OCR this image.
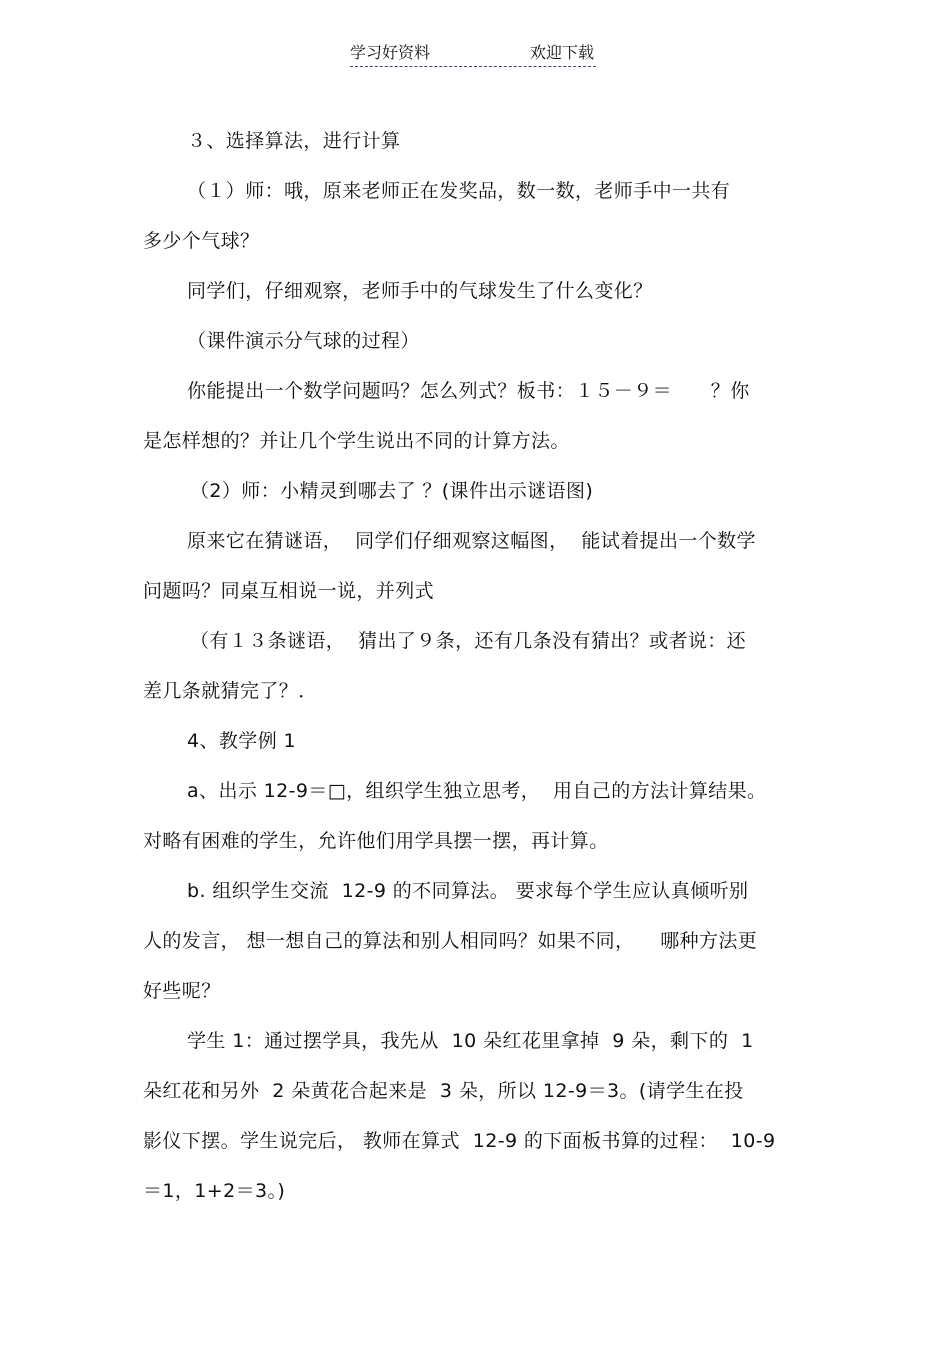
学习好资料	欢迎下载
３、选择算法，进行计算
（１）师：哦，原来老师正在发奖品，数一数，老师手中一共有
多少个气球？
同学们，仔细观察，老师手中的气球发生了什么变化？
（课件演示分气球的过程）
你能提出一个数学问题吗？怎么列式？板书：１５－９＝　　？你
是怎样想的？并让几个学生说出不同的计算方法。
（2）师：小精灵到哪去了 ？(课件出示谜语图)
原来它在猜谜语，  同学们仔细观察这幅图，  能试着提出一个数学
问题吗？同桌互相说一说，并列式
（有１３条谜语，  猜出了９条，还有几条没有猜出？或者说：还
差几条就猜完了？．
4、教学例 1
a、出示 12-9＝□，组织学生独立思考，  用自己的方法计算结果。
对略有困难的学生，允许他们用学具摆一摆，再计算。
b. 组织学生交流  12-9 的不同算法。 要求每个学生应认真倾听别
人的发言， 想一想自己的算法和别人相同吗？如果不同，    哪种方法更
好些呢？
学生 1：通过摆学具，我先从  10 朵红花里拿掉  9 朵，剩下的  1
朵红花和另外  2 朵黄花合起来是  3 朵，所以 12-9＝3。(请学生在投
影仪下摆。学生说完后， 教师在算式  12-9 的下面板书算的过程：  10-9
＝1，1+2＝3。)
